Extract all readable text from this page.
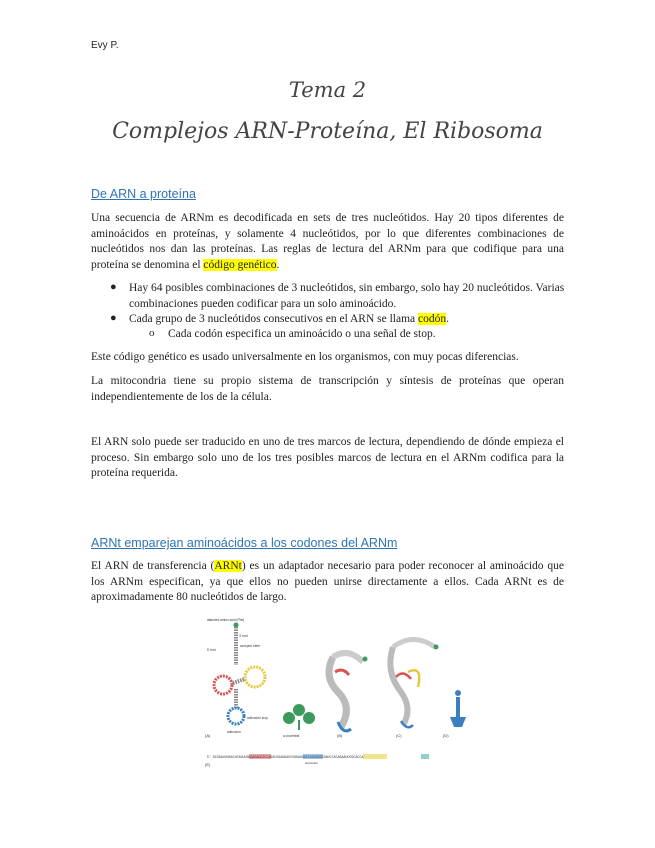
Evy P.
Tema 2
Complejos ARN-Proteína, El Ribosoma
De ARN a proteína

Una secuencia de ARNm es decodificada en sets de tres nucleótidos. Hay 20 tipos diferentes de aminoácidos en proteínas, y solamente 4 nucleótidos, por lo que diferentes combinaciones de nucleótidos nos dan las proteínas. Las reglas de lectura del ARNm para que codifique para una proteína se denomina el código genético.

● Hay 64 posibles combinaciones de 3 nucleótidos, sin embargo, solo hay 20 nucleótidos. Varias combinaciones pueden codificar para un solo aminoácido.

● Cada grupo de 3 nucleótidos consecutivos en el ARN se llama codón.

o Cada codón especifica un aminoácido o una señal de stop.

Este código genético es usado universalmente en los organismos, con muy pocas diferencias.

La mitocondria tiene su propio sistema de transcripción y síntesis de proteínas que operan independientemente de los de la célula.

El ARN solo puede ser traducido en uno de tres marcos de lectura, dependiendo de dónde empieza el proceso. Sin embargo solo uno de los tres posibles marcos de lectura en el ARNm codifica para la proteína requerida.

ARNt emparejan aminoácidos a los codones del ARNm

El ARN de transferencia (ARNt) es un adaptador necesario para poder reconocer al aminoácido que los ARNm especifican, ya que ellos no pueden unirse directamente a ellos. Cada ARNt es de aproximadamente 80 nucleótidos de largo.

attached amino acid (Phe)
3' end
5' end
acceptor stem
anticodon loop
anticodon
(A)	a cloverleaf	(B)	(C)	(D)
5' GCGGAUUUAGCUCAGUUGGGAGAGCGCCAGACUGAAGAUCUGGAGGUCCUGUGUUCGAUCCACAGAAUUCGCACCA
anticodon
(E)
